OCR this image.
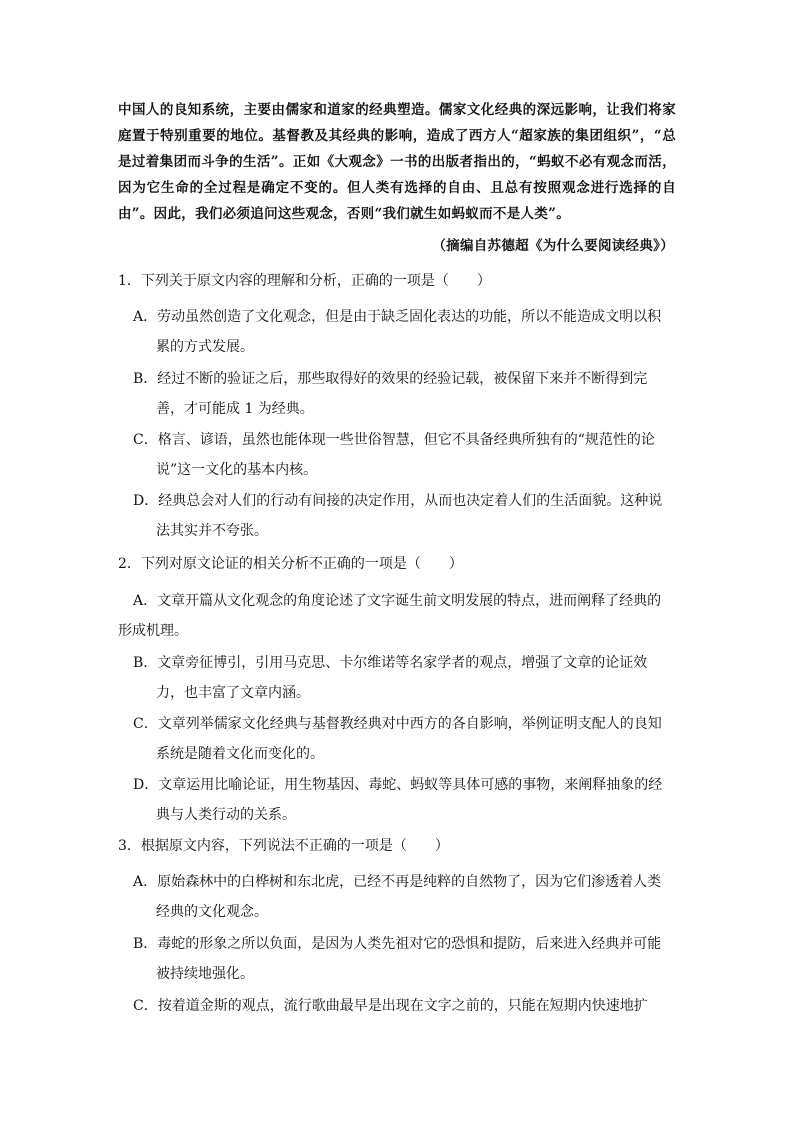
中国人的良知系统，主要由儒家和道家的经典塑造。儒家文化经典的深远影响，让我们将家庭置于特别重要的地位。基督教及其经典的影响，造成了西方人“超家族的集团组织”，“总是过着集团而斗争的生活”。正如《大观念》一书的出版者指出的，“蚂蚁不必有观念而活，因为它生命的全过程是确定不变的。但人类有选择的自由、且总有按照观念进行选择的自由”。因此，我们必须追问这些观念，否则“我们就生如蚂蚁而不是人类”。

（摘编自苏德超《为什么要阅读经典》）
1．下列关于原文内容的理解和分析，正确的一项是（　　）
A．劳动虽然创造了文化观念，但是由于缺乏固化表达的功能，所以不能造成文明以积
累的方式发展。
B．经过不断的验证之后，那些取得好的效果的经验记载，被保留下来并不断得到完
善，才可能成 1 为经典。
C．格言、谚语，虽然也能体现一些世俗智慧，但它不具备经典所独有的“规范性的论
说”这一文化的基本内核。
D．经典总会对人们的行动有间接的决定作用，从而也决定着人们的生活面貌。这种说
法其实并不夸张。
2．下列对原文论证的相关分析不正确的一项是（　　）
A．文章开篇从文化观念的角度论述了文字诞生前文明发展的特点，进而阐释了经典的
形成机理。
B．文章旁征博引，引用马克思、卡尔维诺等名家学者的观点，增强了文章的论证效
力，也丰富了文章内涵。
C．文章列举儒家文化经典与基督教经典对中西方的各自影响，举例证明支配人的良知
系统是随着文化而变化的。
D．文章运用比喻论证，用生物基因、毒蛇、蚂蚁等具体可感的事物，来阐释抽象的经
典与人类行动的关系。
3．根据原文内容，下列说法不正确的一项是（　　）
A．原始森林中的白桦树和东北虎，已经不再是纯粹的自然物了，因为它们渗透着人类
经典的文化观念。
B．毒蛇的形象之所以负面，是因为人类先祖对它的恐惧和提防，后来进入经典并可能
被持续地强化。
C．按着道金斯的观点，流行歌曲最早是出现在文字之前的，只能在短期内快速地扩
